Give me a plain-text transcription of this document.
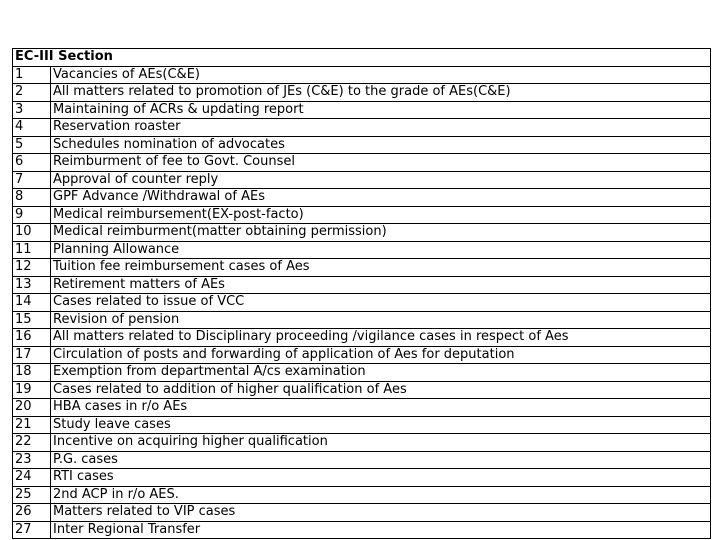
EC-III Section	
1	Vacancies of AEs(C&E)
2	All matters related to promotion of JEs (C&E) to the grade of AEs(C&E)
3	Maintaining of ACRs & updating report
4	Reservation roaster
5	Schedules nomination of advocates
6	Reimburment of fee to Govt. Counsel
7	Approval of counter reply
8	GPF Advance /Withdrawal of AEs
9	Medical reimbursement(EX-post-facto)
10	Medical reimburment(matter obtaining permission)
11	Planning Allowance
12	Tuition fee reimbursement cases of Aes
13	Retirement matters of AEs
14	Cases related to issue of VCC
15	Revision of pension
16	All matters related to Disciplinary proceeding /vigilance cases in respect of Aes
17	Circulation of posts and forwarding of application of Aes for deputation
18	Exemption from departmental A/cs examination
19	Cases related to addition of higher qualification of Aes
20	HBA cases in r/o AEs
21	Study leave cases
22	Incentive on acquiring higher qualification
23	P.G. cases
24	RTI cases
25	2nd ACP in r/o AES.
26	Matters related to VIP cases
27	Inter Regional Transfer
